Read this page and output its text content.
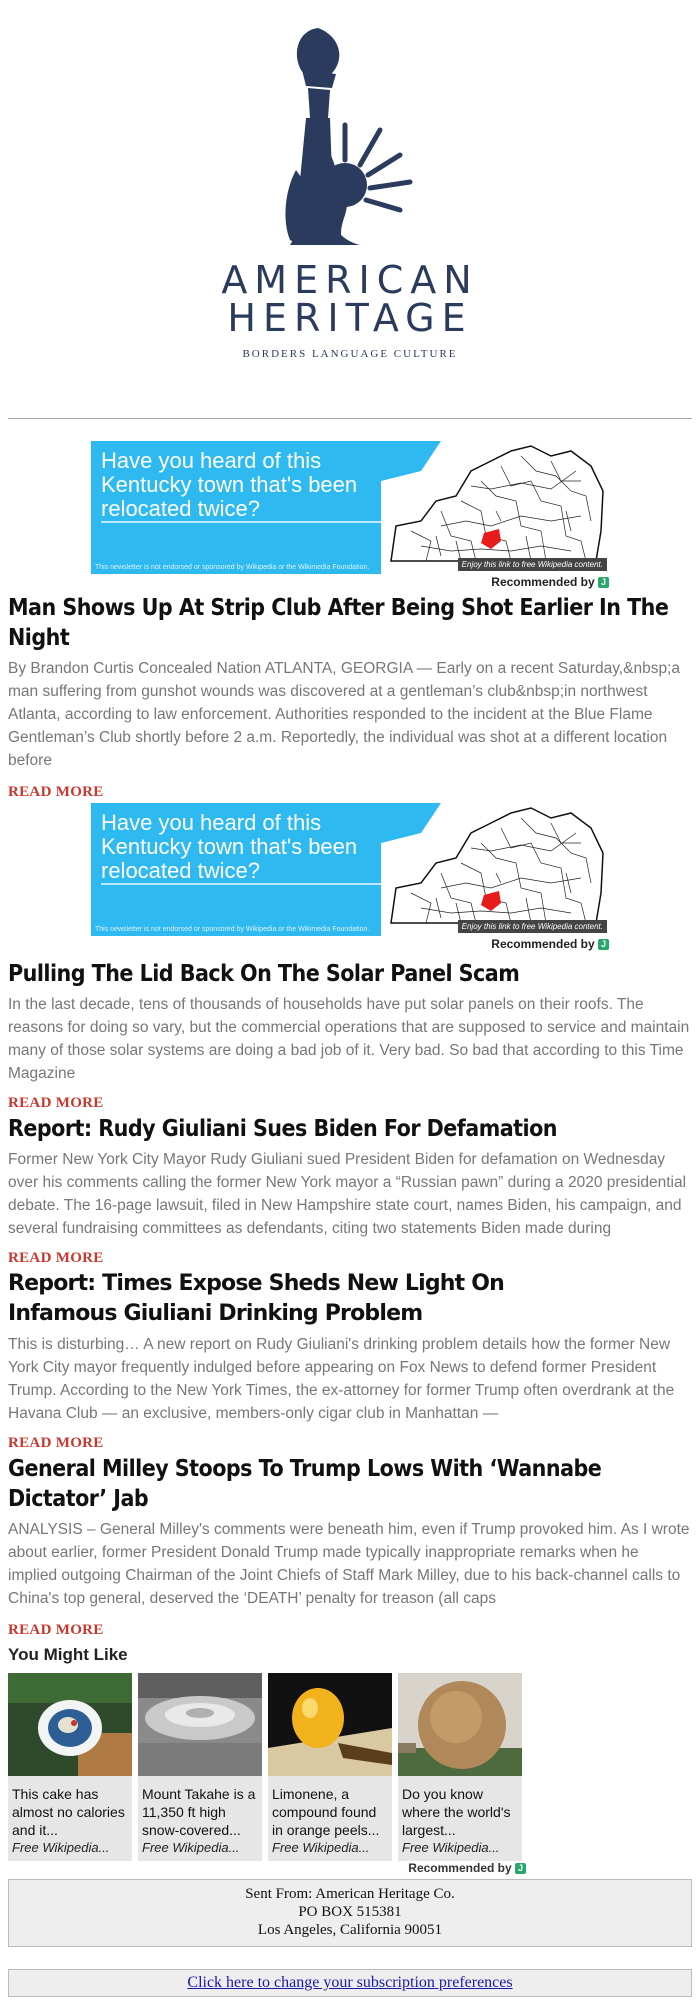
AMERICAN
HERITAGE
BORDERS LANGUAGE CULTURE
Have you heard of this Kentucky town that's been relocated twice?
This newsletter is not endorsed or sponsored by Wikipedia or the Wikimedia Foundation.	Enjoy this link to free Wikipedia content.
Recommended by J
Man Shows Up At Strip Club After Being Shot Earlier In The Night

By Brandon Curtis Concealed Nation ATLANTA, GEORGIA — Early on a recent Saturday,&nbsp;a man suffering from gunshot wounds was discovered at a gentleman’s club&nbsp;in northwest Atlanta, according to law enforcement. Authorities responded to the incident at the Blue Flame Gentleman’s Club shortly before 2 a.m. Reportedly, the individual was shot at a different location before

READ MORE
Have you heard of this Kentucky town that's been relocated twice?
This newsletter is not endorsed or sponsored by Wikipedia or the Wikimedia Foundation.	Enjoy this link to free Wikipedia content.
Recommended by J
Pulling The Lid Back On The Solar Panel Scam

In the last decade, tens of thousands of households have put solar panels on their roofs. The reasons for doing so vary, but the commercial operations that are supposed to service and maintain many of those solar systems are doing a bad job of it. Very bad. So bad that according to this Time Magazine

READ MORE
Report: Rudy Giuliani Sues Biden For Defamation

Former New York City Mayor Rudy Giuliani sued President Biden for defamation on Wednesday over his comments calling the former New York mayor a “Russian pawn” during a 2020 presidential debate. The 16-page lawsuit, filed in New Hampshire state court, names Biden, his campaign, and several fundraising committees as defendants, citing two statements Biden made during

READ MORE
Report: Times Expose Sheds New Light On Infamous Giuliani Drinking Problem

This is disturbing… A new report on Rudy Giuliani's drinking problem details how the former New York City mayor frequently indulged before appearing on Fox News to defend former President Trump. According to the New York Times, the ex-attorney for former Trump often overdrank at the Havana Club — an exclusive, members-only cigar club in Manhattan —

READ MORE
General Milley Stoops To Trump Lows With ‘Wannabe Dictator’ Jab

ANALYSIS – General Milley's comments were beneath him, even if Trump provoked him. As I wrote about earlier, former President Donald Trump made typically inappropriate remarks when he implied outgoing Chairman of the Joint Chiefs of Staff Mark Milley, due to his back-channel calls to China's top general, deserved the ‘DEATH’ penalty for treason (all caps

READ MORE
You Might Like
This cake has almost no calories and it...
Free Wikipedia...
Mount Takahe is a 11,350 ft high snow-covered...
Free Wikipedia...
Limonene, a compound found in orange peels...
Free Wikipedia...
Do you know where the world's largest...
Free Wikipedia...
Recommended by J
Sent From: American Heritage Co.
PO BOX 515381
Los Angeles, California 90051
Click here to change your subscription preferences
